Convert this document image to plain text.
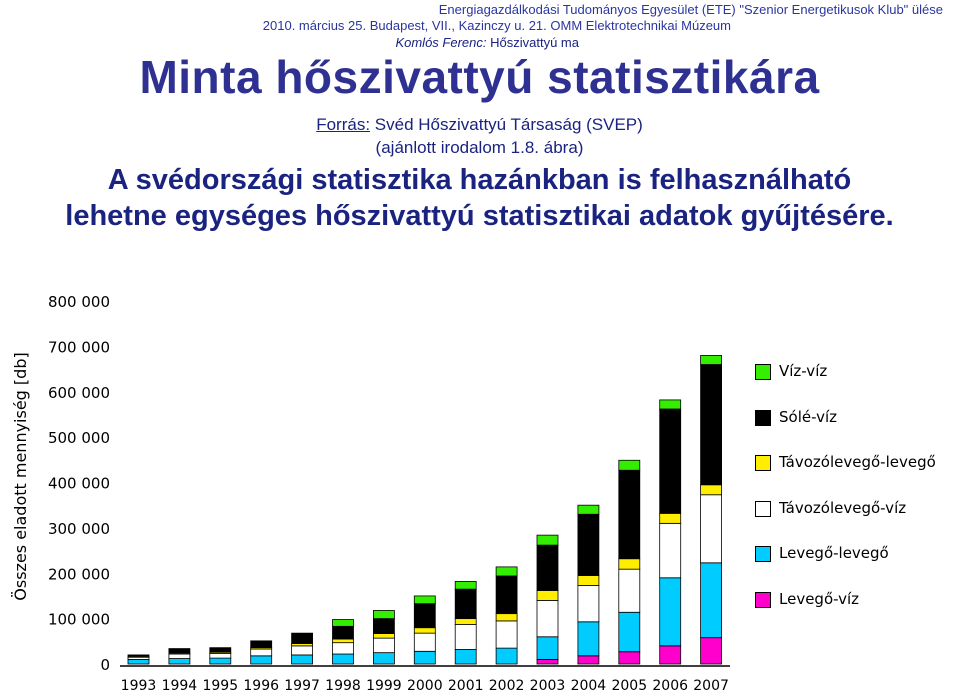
Energiagazdálkodási Tudományos Egyesület (ETE) "Szenior Energetikusok Klub" ülése
2010. március 25. Budapest, VII., Kazinczy u. 21. OMM Elektrotechnikai Múzeum
Komlós Ferenc: Hőszivattyú ma
Minta hőszivattyú statisztikára
Forrás: Svéd Hőszivattyú Társaság (SVEP)
(ajánlott irodalom 1.8. ábra)
A svédországi statisztika hazánkban is felhasználható
lehetne egységes hőszivattyú statisztikai adatok gyűjtésére.
Összes eladott mennyiség [db]
0
100 000
200 000
300 000
400 000
500 000
600 000
700 000
800 000
1993 1994 1995 1996 1997 1998 1999 2000 2001 2002 2003 2004 2005 2006 2007
Víz-víz
Sólé-víz
Távozólevegő-levegő
Távozólevegő-víz
Levegő-levegő
Levegő-víz
